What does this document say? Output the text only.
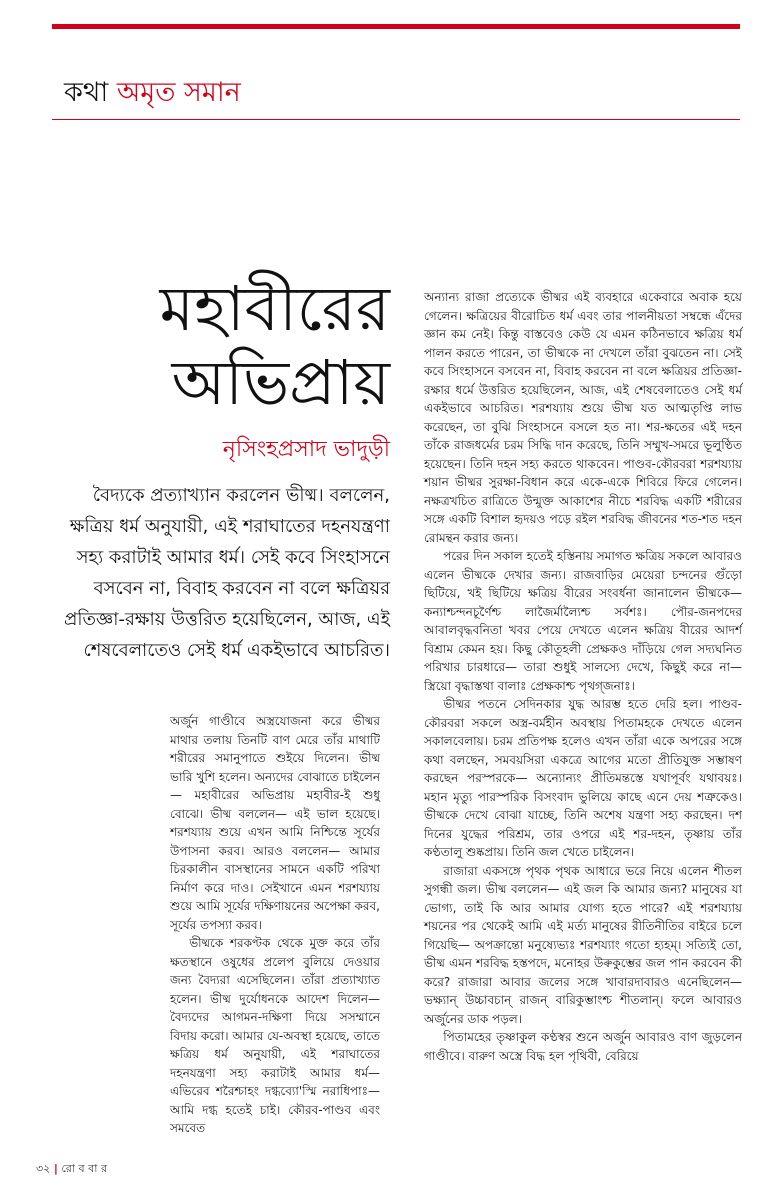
কথা অমৃত সমান
মহাবীরের
অভিপ্রায়
নৃসিংহপ্রসাদ ভাদুড়ী
বৈদ্যকে প্রত্যাখ্যান করলেন ভীষ্ম। বললেন, ক্ষত্রিয় ধর্ম অনুযায়ী, এই শরাঘাতের দহনযন্ত্রণা সহ্য করাটাই আমার ধর্ম। সেই কবে সিংহাসনে বসবেন না, বিবাহ করবেন না বলে ক্ষত্রিয়র প্রতিজ্ঞা-রক্ষায় উত্তরিত হয়েছিলেন, আজ, এই শেষবেলাতেও সেই ধর্ম একইভাবে আচরিত।

অর্জুন গাণ্ডীবে অস্ত্রযোজনা করে ভীষ্মর মাথার তলায় তিনটি বাণ মেরে তাঁর মাথাটি শরীরের সমানুপাতে শুইয়ে দিলেন। ভীষ্ম ভারি খুশি হলেন। অন্যদের বোঝাতে চাইলেন— মহাবীরের অভিপ্রায় মহাবীর-ই শুধু বোঝে। ভীষ্ম বললেন— এই ভাল হয়েছে। শরশয্যায় শুয়ে এখন আমি নিশ্চিন্তে সূর্যের উপাসনা করব। আরও বললেন— আমার চিরকালীন বাসস্থানের সামনে একটি পরিখা নির্মাণ করে দাও। সেইখানে এমন শরশয্যায় শুয়ে আমি সূর্যের দক্ষিণায়নের অপেক্ষা করব, সূর্যের তপস্যা করব।

ভীষ্মকে শরকণ্টক থেকে মুক্ত করে তাঁর ক্ষতস্থানে ওষুধের প্রলেপ বুলিয়ে দেওয়ার জন্য বৈদ্যরা এসেছিলেন। তাঁরা প্রত্যাখ্যাত হলেন। ভীষ্ম দুর্যোধনকে আদেশ দিলেন— বৈদ্যদের আগমন-দক্ষিণা দিয়ে সসম্মানে বিদায় করো। আমার যে-অবস্থা হয়েছে, তাতে ক্ষত্রিয় ধর্ম অনুযায়ী, এই শরাঘাতের দহনযন্ত্রণা সহ্য করাটাই আমার ধর্ম— এভিরেব শরৈশ্চাহং দগ্ধব্যো'স্মি নরাধিপাঃ— আমি দগ্ধ হতেই চাই। কৌরব-পাণ্ডব এবং সমবেত

অন্যান্য রাজা প্রত্যেকে ভীষ্মর এই ব্যবহারে একেবারে অবাক হয়ে গেলেন। ক্ষত্রিয়ের বীরোচিত ধর্ম এবং তার পালনীয়তা সম্বন্ধে এঁদের জ্ঞান কম নেই। কিন্তু বাস্তবেও কেউ যে এমন কঠিনভাবে ক্ষত্রিয় ধর্ম পালন করতে পারেন, তা ভীষ্মকে না দেখলে তাঁরা বুঝতেন না। সেই কবে সিংহাসনে বসবেন না, বিবাহ করবেন না বলে ক্ষত্রিয়র প্রতিজ্ঞা-রক্ষার ধর্মে উত্তরিত হয়েছিলেন, আজ, এই শেষবেলাতেও সেই ধর্ম একইভাবে আচরিত। শরশয্যায় শুয়ে ভীষ্ম যত আত্মতৃপ্তি লাভ করেছেন, তা বুঝি সিংহাসনে বসলে হত না। শর-ক্ষতের এই দহন তাঁকে রাজধর্মের চরম সিদ্ধি দান করেছে, তিনি সম্মুখ-সমরে ভূলুণ্ঠিত হয়েছেন। তিনি দহন সহ্য করতে থাকবেন। পাণ্ডব-কৌরবরা শরশয্যায় শয়ান ভীষ্মর সুরক্ষা-বিধান করে একে-একে শিবিরে ফিরে গেলেন। নক্ষত্রখচিত রাত্রিতে উন্মুক্ত আকাশের নীচে শরবিদ্ধ একটি শরীরের সঙ্গে একটি বিশাল হৃদয়ও পড়ে রইল শরবিদ্ধ জীবনের শত-শত দহন রোমন্থন করার জন্য।

পরের দিন সকাল হতেই হস্তিনায় সমাগত ক্ষত্রিয় সকলে আবারও এলেন ভীষ্মকে দেখার জন্য। রাজবাড়ির মেয়েরা চন্দনের গুঁড়ো ছিটিয়ে, খই ছিটিয়ে ক্ষত্রিয় বীরের সংবর্ধনা জানালেন ভীষ্মকে— কন্যাশ্চন্দনচূর্ণৈশ্চ লাজৈর্মাল্যৈশ্চ সর্বশঃ। পৌর-জনপদের আবালবৃদ্ধবনিতা খবর পেয়ে দেখতে এলেন ক্ষত্রিয় বীরের আদর্শ বিশ্রাম কেমন হয়। কিছু কৌতূহলী প্রেক্ষকও দাঁড়িয়ে গেল সদ্যঘনিত পরিখার চারধারে— তারা শুধুই সালস্যে দেখে, কিছুই করে না— স্ত্রিয়ো বৃদ্ধাস্তথা বালাঃ প্রেক্ষকাশ্চ পৃথগ্জনাঃ।

ভীষ্মর পতনে সেদিনকার যুদ্ধ আরম্ভ হতে দেরি হল। পাণ্ডব-কৌরবরা সকলে অস্ত্র-বর্মহীন অবস্থায় পিতামহকে দেখতে এলেন সকালবেলায়। চরম প্রতিপক্ষ হলেও এখন তাঁরা একে অপরের সঙ্গে কথা বলছেন, সমবয়সিরা একত্রে আগের মতো প্রীতিযুক্ত সম্ভাষণ করছেন পরস্পরকে— অন্যোন্যং প্রীতিমন্তস্তে যথাপূর্বং যথাবয়ঃ। মহান মৃত্যু পারস্পরিক বিসংবাদ ভুলিয়ে কাছে এনে দেয় শত্রুকেও। ভীষ্মকে দেখে বোঝা যাচ্ছে, তিনি অশেষ যন্ত্রণা সহ্য করছেন। দশ দিনের যুদ্ধের পরিশ্রম, তার ওপরে এই শর-দহন, তৃষ্ণায় তাঁর কণ্ঠতালু শুষ্কপ্রায়। তিনি জল খেতে চাইলেন।

রাজারা একসঙ্গে পৃথক পৃথক আধারে ভরে নিয়ে এলেন শীতল সুগন্ধী জল। ভীষ্ম বললেন— এই জল কি আমার জন্য? মানুষের যা ভোগ্য, তাই কি আর আমার যোগ্য হতে পারে? এই শরশয্যায় শয়নের পর থেকেই আমি এই মর্ত্য মানুষের রীতিনীতির বাইরে চলে গিয়েছি— অপক্রান্তো মনুষ্যেভ্যঃ শরশয্যাং গতো হ্যহম্। সত্যিই তো, ভীষ্ম এমন শরবিদ্ধ হস্তপদে, মনোহর উৰুকুম্ভের জল পান করবেন কী করে? রাজারা আবার জলের সঙ্গে খাবারদাবারও এনেছিলেন— ভক্ষ্যান্ উচ্চাবচান্ রাজন্ বারিকুম্ভাংশ্চ শীতলান্। ফলে আবারও অর্জুনের ডাক পড়ল।

পিতামহের তৃষ্ণাকুল কণ্ঠস্বর শুনে অর্জুন আবারও বাণ জুড়লেন গাণ্ডীবে। বারুণ অস্ত্রে বিদ্ধ হল পৃথিবী, বেরিয়ে

৩২ | রো ব বা র
